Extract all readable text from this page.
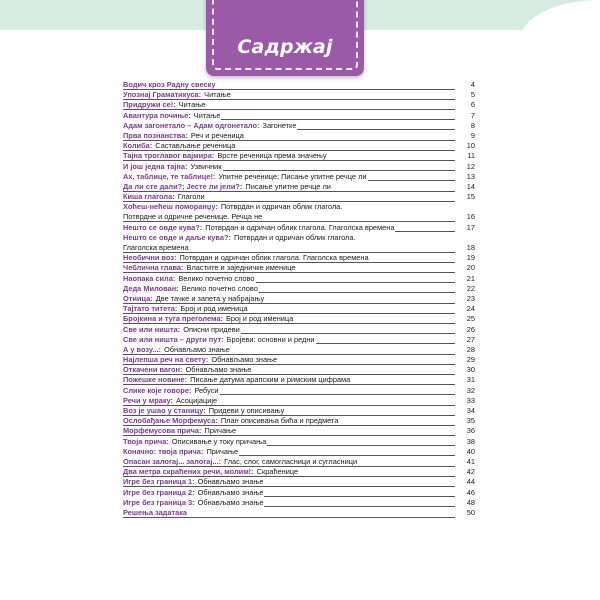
Садржај
Водич кроз Радну свеску	4
Упознај Граматикуса: Читање	5
Придружи се!: Читање	6
Авантура почиње: Читање	7
Адам загонетало – Адам одгонетало: Загонетке	8
Прва познанства: Реч и реченица	9
Колиба: Састављање реченица	10
Тајна троглавог вајмира: Врсте реченица према значењу	11
И још једна тајна: Узвичник	12
Ах, таблице, те таблице!: Упитне реченице; Писање упитне речце ли	13
Да ли сте дали?; Јесте ли јели?: Писање упитне речце ли	14
Киша глагола: Глаголи	15
Хоћеш-нећеш поморанџу: Потврдан и одричан облик глагола.
Потврдне и одричне реченице. Речца не	16
Нешто се овде кува?: Потврдан и одричан облик глагола. Глаголска времена	17
Нешто се овде и даље кува?: Потврдан и одричан облик глагола.
Глаголска времена	18
Необични воз: Потврдан и одричан облик глагола. Глаголска времена	19
Чеблична глава: Властите и заједничке именице	20
Наопака сила: Велико почетно слово	21
Деда Милован: Велико почетно слово	22
Отиица: Две тачке и запета у набрајању	23
Тајтато титета: Број и род именица	24
Бројкина и туга преголема: Број и род именица	25
Све или ништа: Описни придеви	26
Све или ништа – други пут: Бројеви: основни и редни	27
А у возу...: Обнављамо знање	28
Најлепша реч на свету: Обнављамо знање	29
Откачени вагон: Обнављамо знање	30
Пожешке новине: Писање датума арапским и римским цифрама	31
Слике које говоре: Ребуси	32
Речи у мраку: Асоцијације	33
Воз је ушао у станицу: Придеви у описивању	34
Ослобађање Морфемуса: План описивања бића и предмета	35
Морфемусова прича: Причање	36
Твоја прича: Описивање у току причања	38
Коначно: твоја прича: Причање	40
Опасан залогај... залогај...: Глас, слог, самогласници и сугласници	41
Два метра скраћених речи, молим!: Скраћенице	42
Игре без граница 1: Обнављамо знање	44
Игре без граница 2: Обнављамо знање	46
Игре без граница 3: Обнављамо знање	48
Решења задатака	50
